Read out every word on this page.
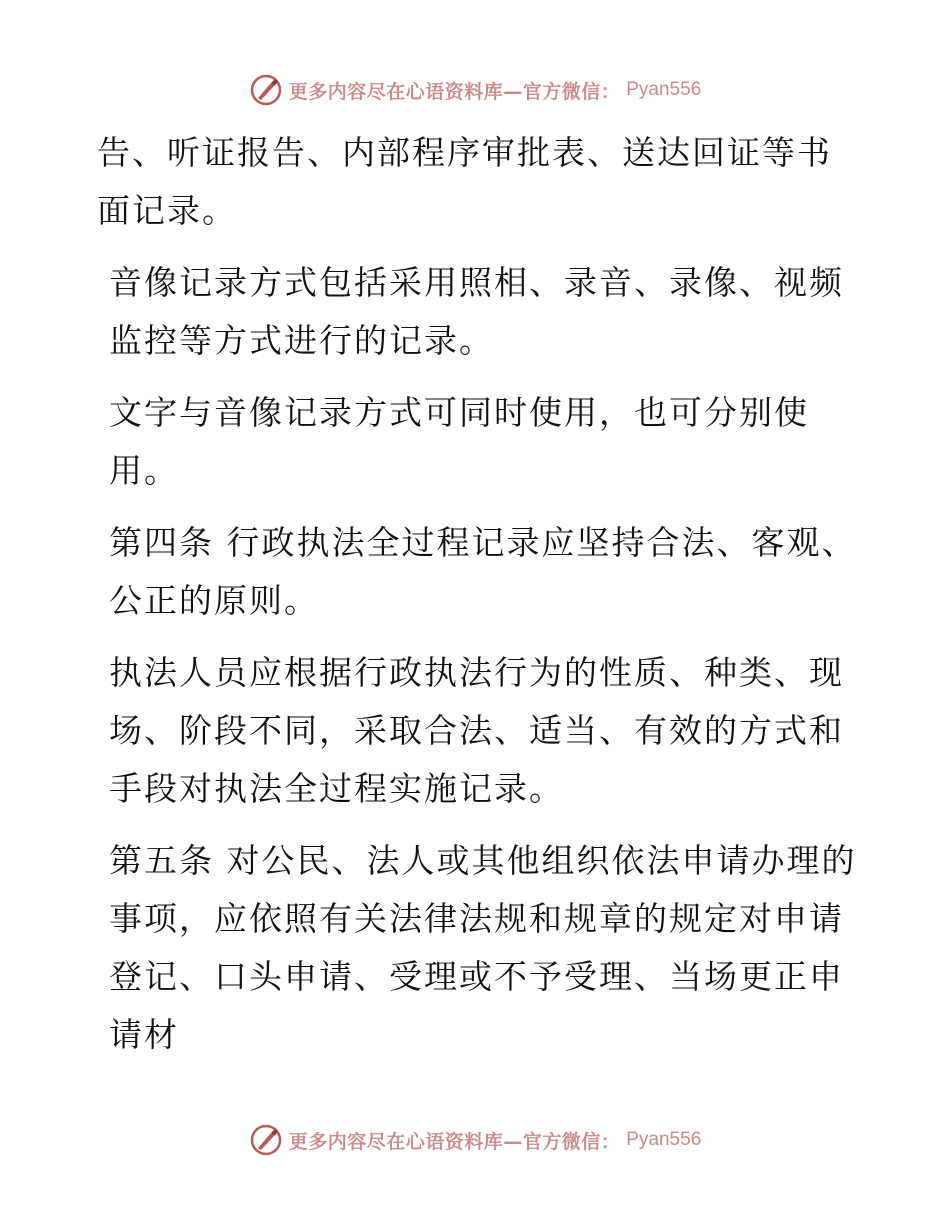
更多内容尽在心语资料库—官方微信： Pyan556

告、听证报告、内部程序审批表、送达回证等书面记录。

音像记录方式包括采用照相、录音、录像、视频监控等方式进行的记录。

文字与音像记录方式可同时使用，也可分别使用。

第四条 行政执法全过程记录应坚持合法、客观、公正的原则。

执法人员应根据行政执法行为的性质、种类、现场、阶段不同，采取合法、适当、有效的方式和手段对执法全过程实施记录。

第五条 对公民、法人或其他组织依法申请办理的事项，应依照有关法律法规和规章的规定对申请登记、口头申请、受理或不予受理、当场更正申请材

更多内容尽在心语资料库—官方微信： Pyan556
